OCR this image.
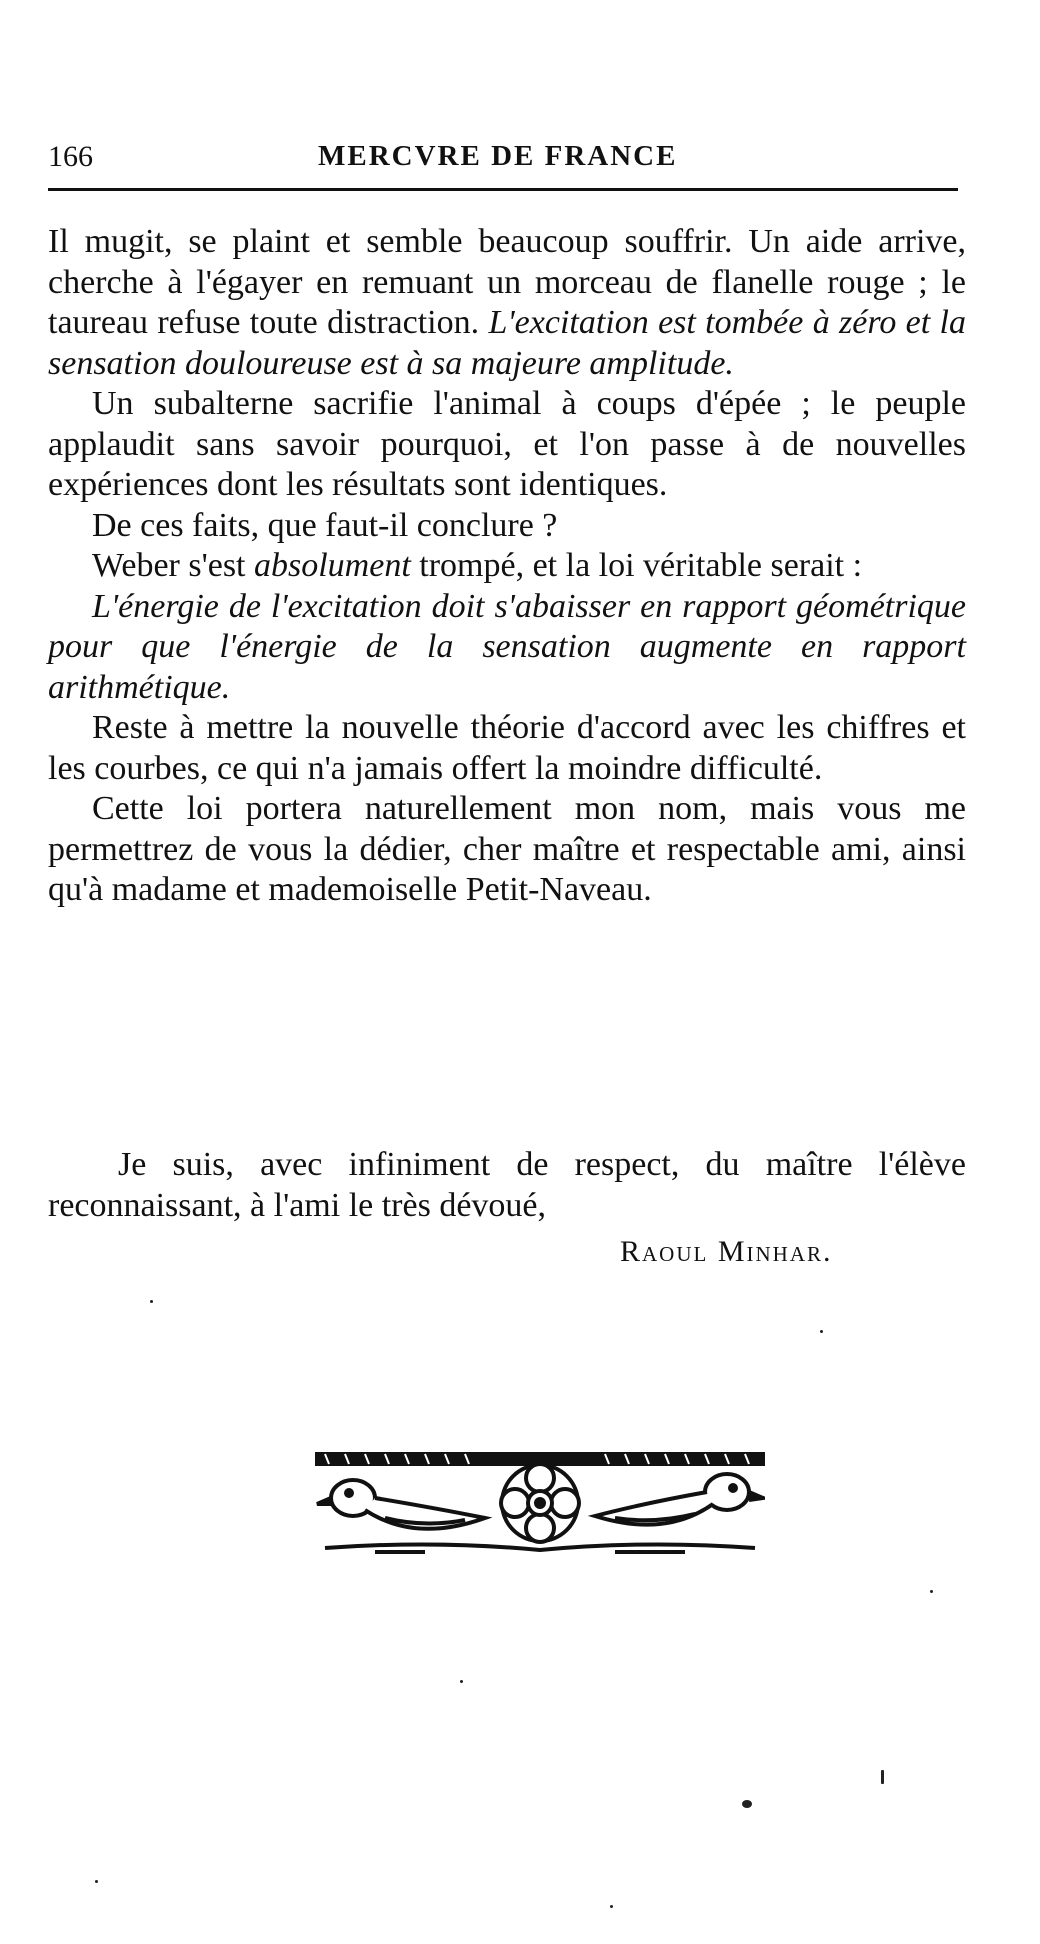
166	MERCVRE DE FRANCE

Il mugit, se plaint et semble beaucoup souffrir. Un aide arrive, cherche à l'égayer en remuant un morceau de flanelle rouge ; le taureau refuse toute distraction. L'excitation est tombée à zéro et la sensation douloureuse est à sa majeure amplitude.

Un subalterne sacrifie l'animal à coups d'épée ; le peuple applaudit sans savoir pourquoi, et l'on passe à de nouvelles expériences dont les résultats sont identiques.

De ces faits, que faut-il conclure ?

Weber s'est absolument trompé, et la loi véritable serait :

L'énergie de l'excitation doit s'abaisser en rapport géométrique pour que l'énergie de la sensation augmente en rapport arithmétique.

Reste à mettre la nouvelle théorie d'accord avec les chiffres et les courbes, ce qui n'a jamais offert la moindre difficulté.

Cette loi portera naturellement mon nom, mais vous me permettrez de vous la dédier, cher maître et respectable ami, ainsi qu'à madame et mademoiselle Petit-Naveau.

Je suis, avec infiniment de respect, du maître l'élève reconnaissant, à l'ami le très dévoué,

Raoul Minhar.
